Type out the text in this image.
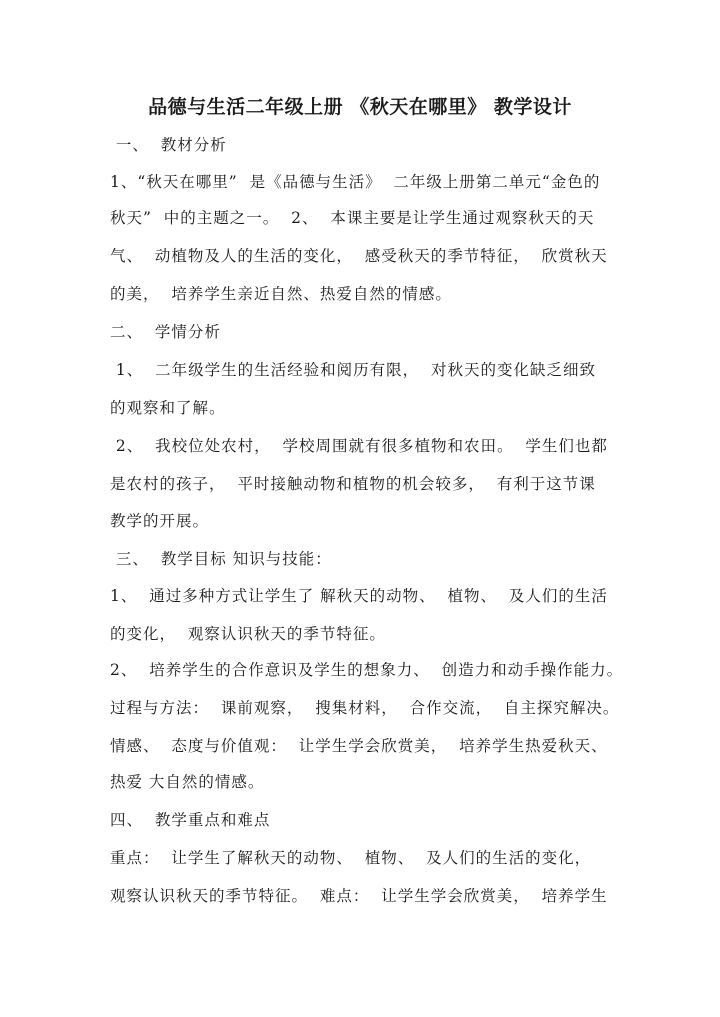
品德与生活二年级上册 《秋天在哪里》 教学设计

一、  教材分析

1、“秋天在哪里”  是《品德与生活》  二年级上册第二单元“金色的

秋天”  中的主题之一。  2、  本课主要是让学生通过观察秋天的天

气、  动植物及人的生活的变化，  感受秋天的季节特征，  欣赏秋天

的美，  培养学生亲近自然、热爱自然的情感。

二、  学情分析

1、  二年级学生的生活经验和阅历有限，  对秋天的变化缺乏细致

的观察和了解。

2、  我校位处农村，  学校周围就有很多植物和农田。  学生们也都

是农村的孩子，  平时接触动物和植物的机会较多，  有利于这节课

教学的开展。

三、  教学目标 知识与技能：

1、  通过多种方式让学生了 解秋天的动物、  植物、  及人们的生活

的变化，  观察认识秋天的季节特征。

2、  培养学生的合作意识及学生的想象力、  创造力和动手操作能力。

过程与方法：  课前观察，  搜集材料，  合作交流，  自主探究解决。

情感、  态度与价值观：  让学生学会欣赏美，  培养学生热爱秋天、

热爱 大自然的情感。

四、  教学重点和难点

重点：  让学生了解秋天的动物、  植物、  及人们的生活的变化，

观察认识秋天的季节特征。  难点：  让学生学会欣赏美，  培养学生
